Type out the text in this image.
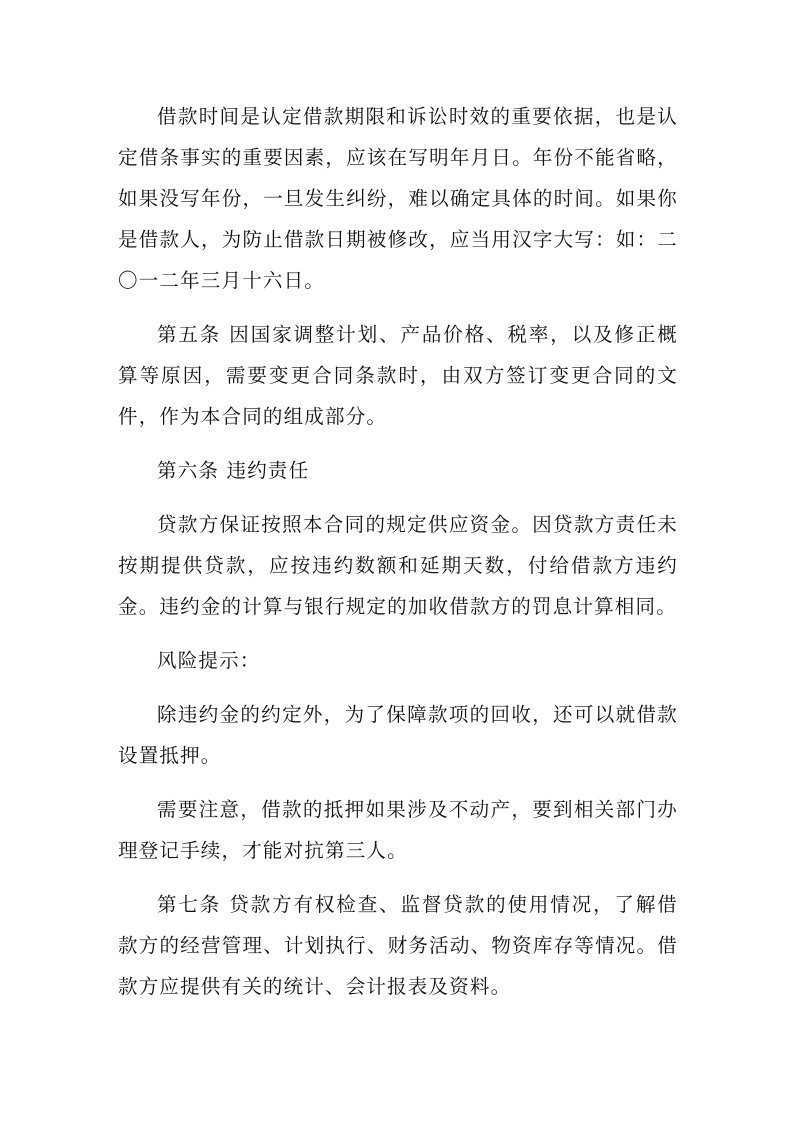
借款时间是认定借款期限和诉讼时效的重要依据，也是认定借条事实的重要因素，应该在写明年月日。年份不能省略，如果没写年份，一旦发生纠纷，难以确定具体的时间。如果你是借款人，为防止借款日期被修改，应当用汉字大写：如：二〇一二年三月十六日。

第五条 因国家调整计划、产品价格、税率，以及修正概算等原因，需要变更合同条款时，由双方签订变更合同的文件，作为本合同的组成部分。

第六条 违约责任

贷款方保证按照本合同的规定供应资金。因贷款方责任未按期提供贷款，应按违约数额和延期天数，付给借款方违约金。违约金的计算与银行规定的加收借款方的罚息计算相同。

风险提示：

除违约金的约定外，为了保障款项的回收，还可以就借款设置抵押。

需要注意，借款的抵押如果涉及不动产，要到相关部门办理登记手续，才能对抗第三人。

第七条 贷款方有权检查、监督贷款的使用情况，了解借款方的经营管理、计划执行、财务活动、物资库存等情况。借款方应提供有关的统计、会计报表及资料。
